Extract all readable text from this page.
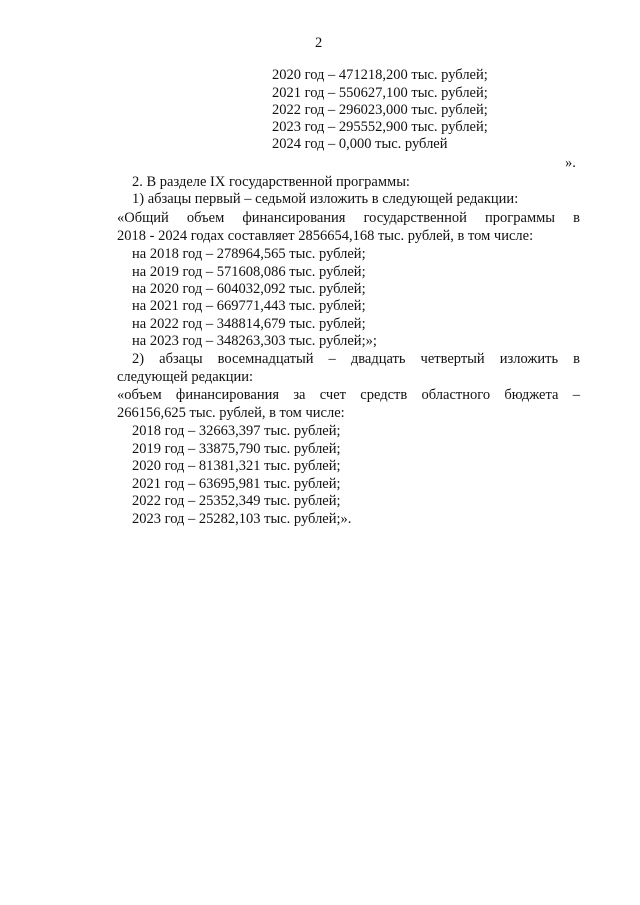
2
2020 год – 471218,200 тыс. рублей;
2021 год – 550627,100 тыс. рублей;
2022 год – 296023,000 тыс. рублей;
2023 год – 295552,900 тыс. рублей;
2024 год – 0,000 тыс. рублей
».
2. В разделе IX государственной программы:
1) абзацы первый – седьмой изложить в следующей редакции:
«Общий объем финансирования государственной программы в
2018 - 2024 годах составляет 2856654,168 тыс. рублей, в том числе:
на 2018 год – 278964,565 тыс. рублей;
на 2019 год – 571608,086 тыс. рублей;
на 2020 год – 604032,092 тыс. рублей;
на 2021 год – 669771,443 тыс. рублей;
на 2022 год – 348814,679 тыс. рублей;
на 2023 год – 348263,303 тыс. рублей;»;
2) абзацы восемнадцатый – двадцать четвертый изложить в
следующей редакции:
«объем финансирования за счет средств областного бюджета –
266156,625 тыс. рублей, в том числе:
2018 год – 32663,397 тыс. рублей;
2019 год – 33875,790 тыс. рублей;
2020 год – 81381,321 тыс. рублей;
2021 год – 63695,981 тыс. рублей;
2022 год – 25352,349 тыс. рублей;
2023 год – 25282,103 тыс. рублей;».
